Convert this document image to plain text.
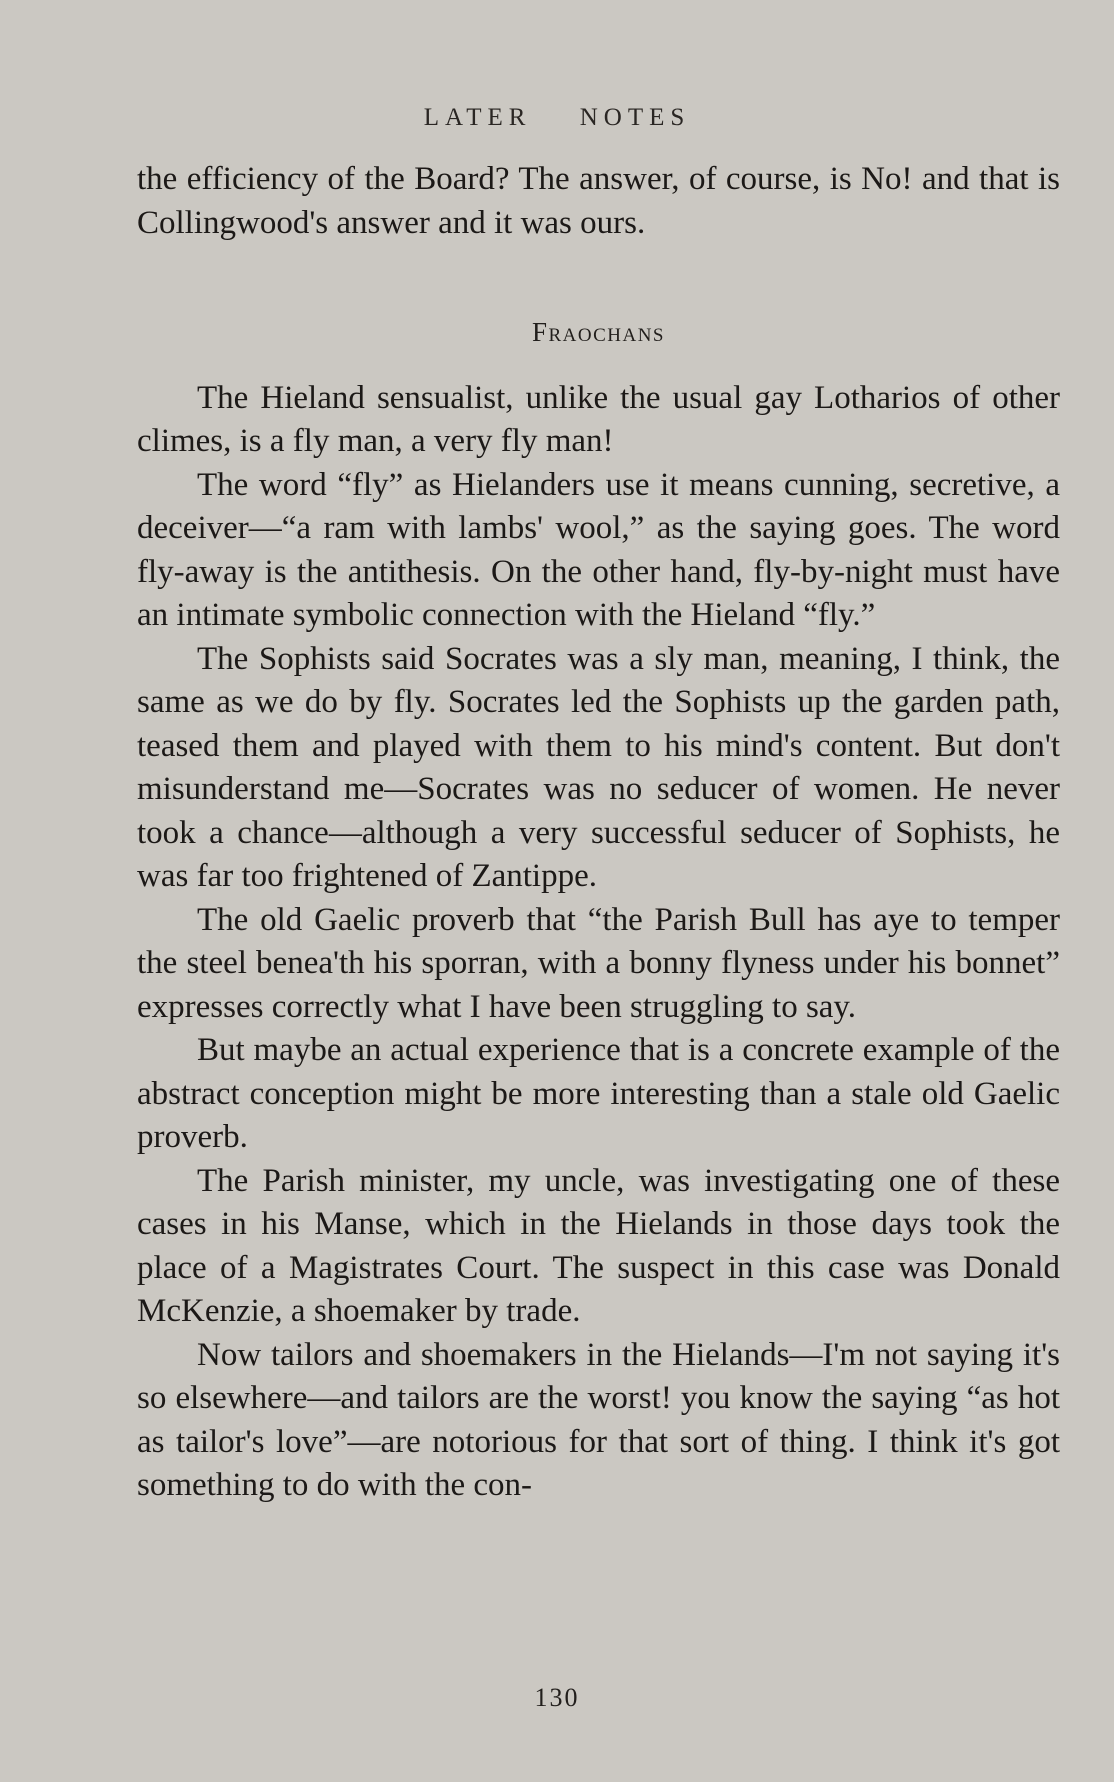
LATER NOTES

the efficiency of the Board? The answer, of course, is No! and that is Collingwood's answer and it was ours.

Fraochans

The Hieland sensualist, unlike the usual gay Lotharios of other climes, is a fly man, a very fly man!

The word “fly” as Hielanders use it means cunning, secretive, a deceiver—“a ram with lambs' wool,” as the saying goes. The word fly-away is the antithesis. On the other hand, fly-by-night must have an intimate symbolic connection with the Hieland “fly.”

The Sophists said Socrates was a sly man, meaning, I think, the same as we do by fly. Socrates led the Sophists up the garden path, teased them and played with them to his mind's content. But don't misunderstand me—Socrates was no seducer of women. He never took a chance—although a very successful seducer of Sophists, he was far too frightened of Zantippe.

The old Gaelic proverb that “the Parish Bull has aye to temper the steel benea'th his sporran, with a bonny flyness under his bonnet” expresses correctly what I have been struggling to say.

But maybe an actual experience that is a concrete example of the abstract conception might be more interesting than a stale old Gaelic proverb.

The Parish minister, my uncle, was investigating one of these cases in his Manse, which in the Hielands in those days took the place of a Magistrates Court. The suspect in this case was Donald McKenzie, a shoemaker by trade.

Now tailors and shoemakers in the Hielands—I'm not saying it's so elsewhere—and tailors are the worst! you know the saying “as hot as tailor's love”—are notorious for that sort of thing. I think it's got something to do with the con-

130
